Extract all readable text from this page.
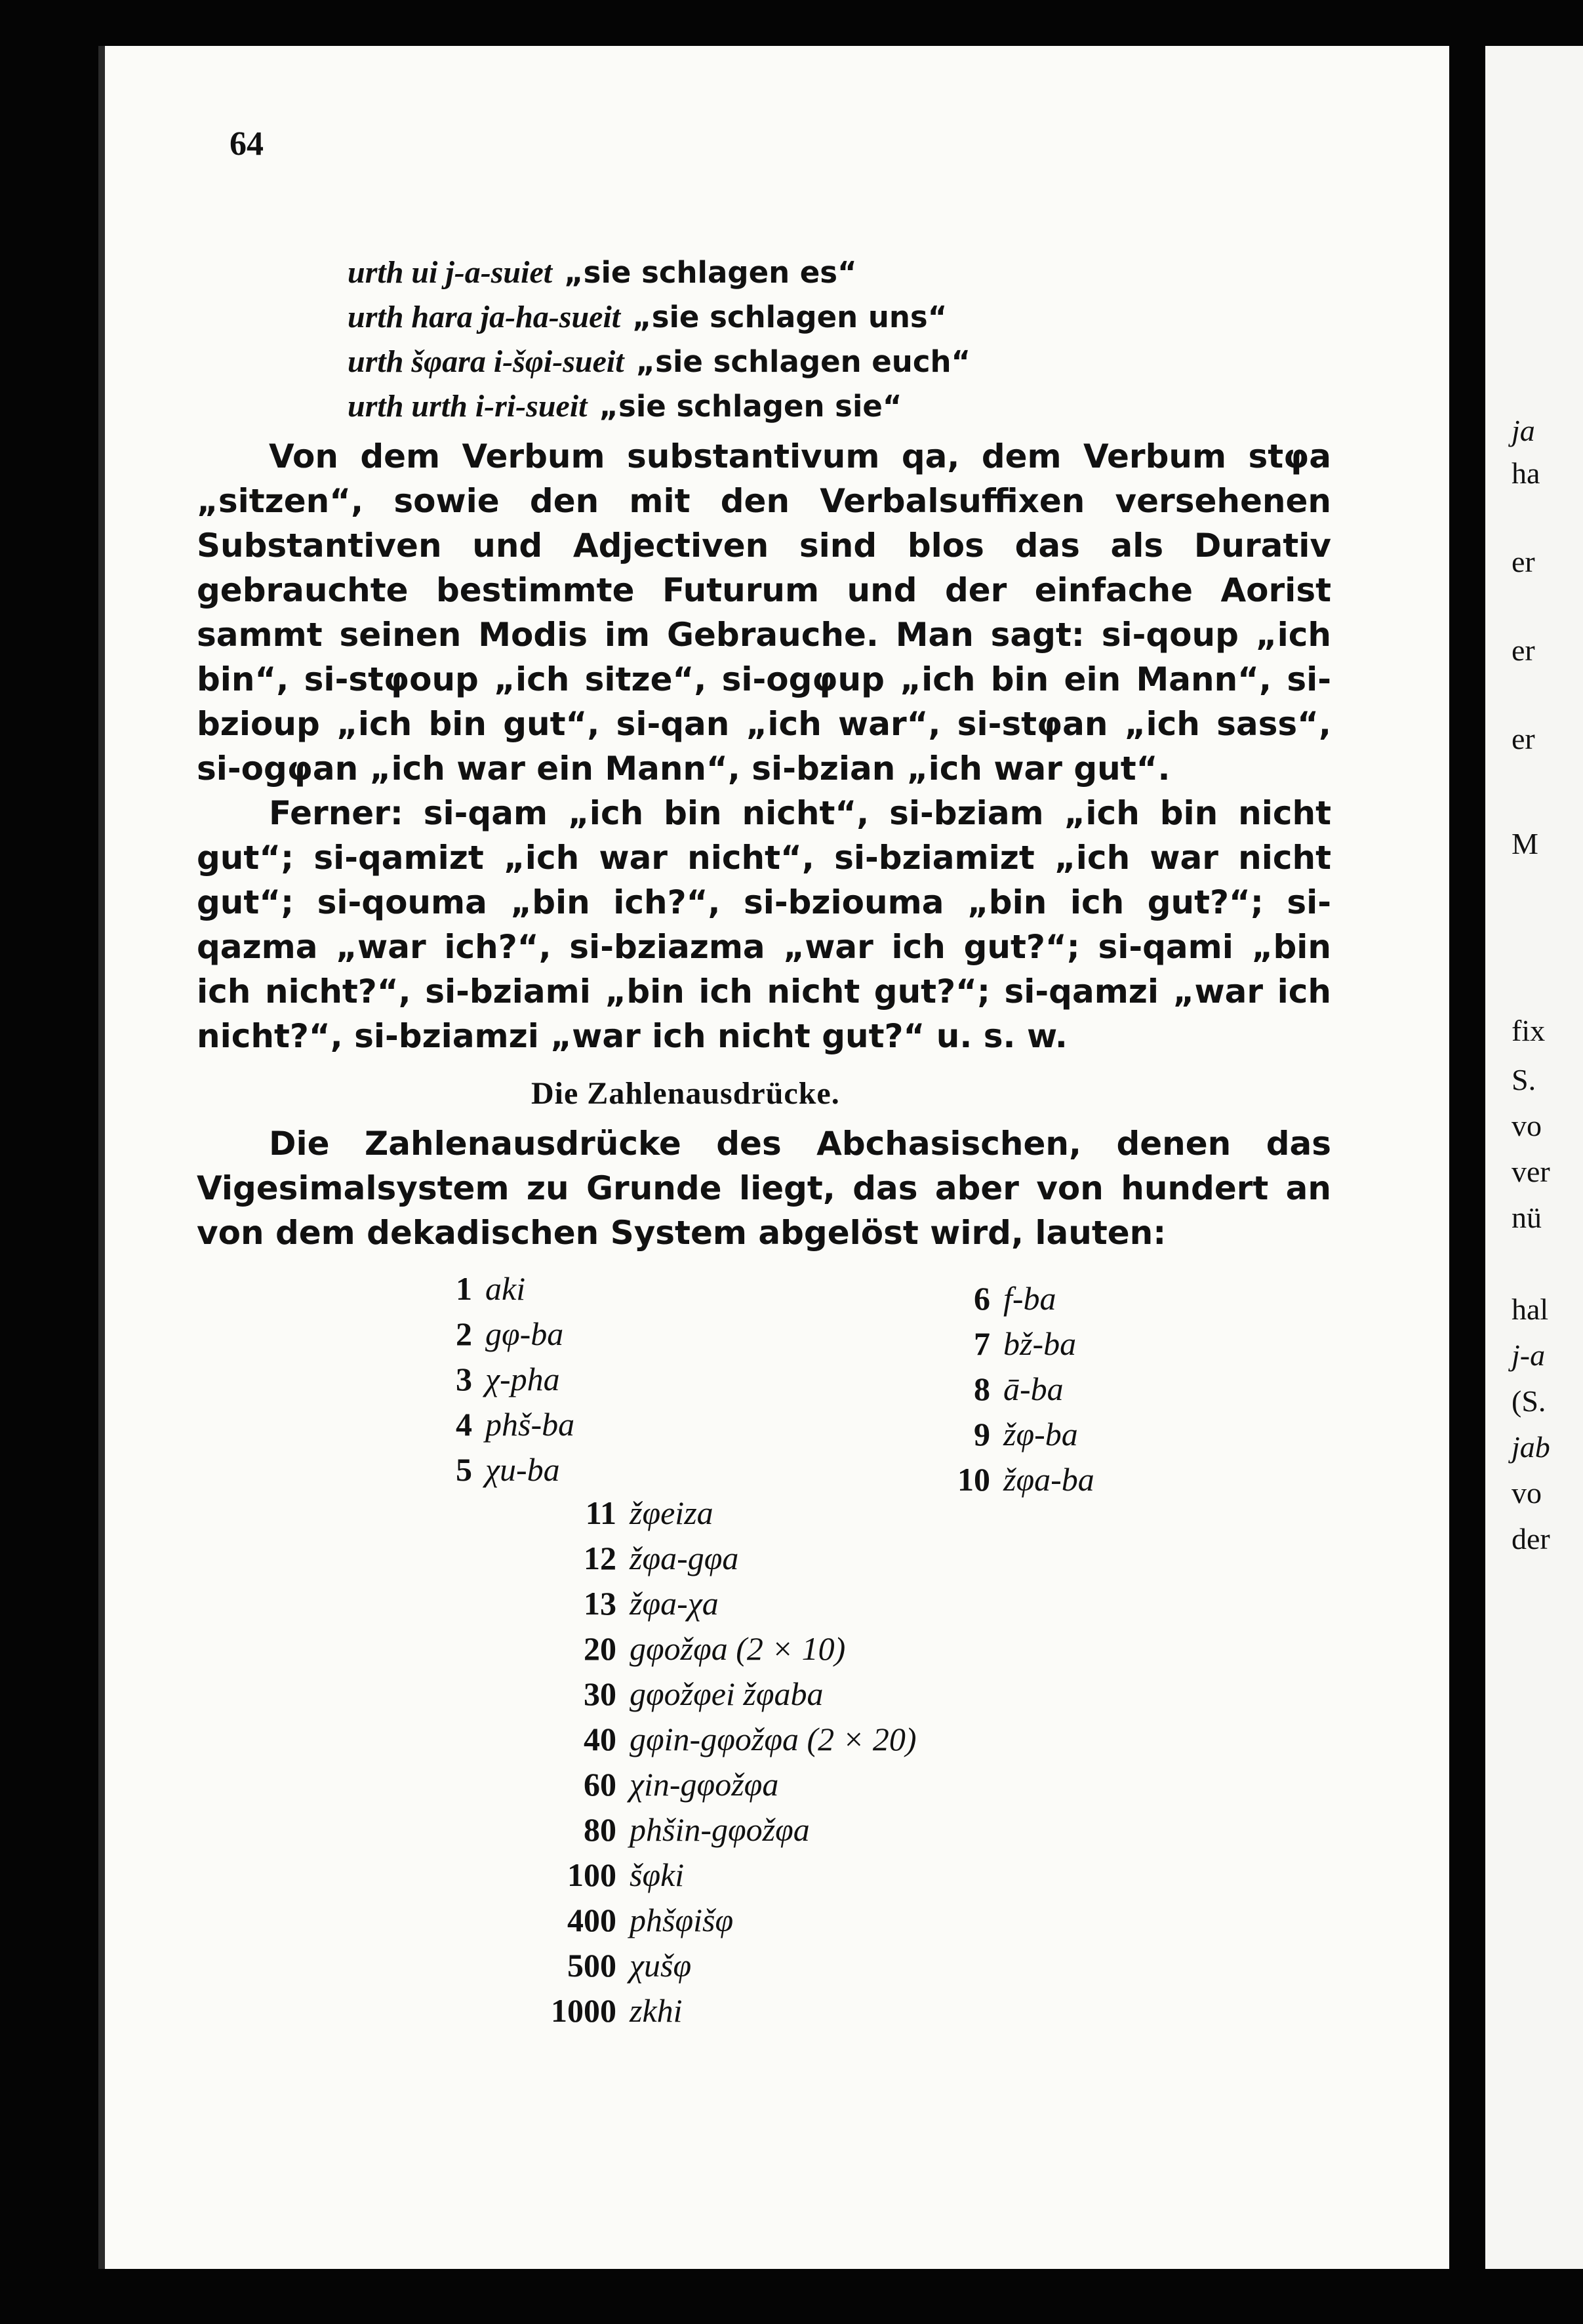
ja
ha
er
er
er
M
fix
S.
vo
ver
nü
hal
j-a
(S.
jab
vo
der
64
urth ui j-a-suiet „sie schlagen es“
urth hara ja-ha-sueit „sie schlagen uns“
urth šφara i-šφi-sueit „sie schlagen euch“
urth urth i-ri-sueit „sie schlagen sie“

Von dem Verbum substantivum qa, dem Verbum stφa „sitzen“, sowie den mit den Verbalsuffixen versehenen Substantiven und Adjectiven sind blos das als Durativ gebrauchte bestimmte Futurum und der einfache Aorist sammt seinen Modis im Gebrauche. Man sagt: si-qoup „ich bin“, si-stφoup „ich sitze“, si-ogφup „ich bin ein Mann“, si-bzioup „ich bin gut“, si-qan „ich war“, si-stφan „ich sass“, si-ogφan „ich war ein Mann“, si-bzian „ich war gut“.

Ferner: si-qam „ich bin nicht“, si-bziam „ich bin nicht gut“; si-qamizt „ich war nicht“, si-bziamizt „ich war nicht gut“; si-qouma „bin ich?“, si-bziouma „bin ich gut?“; si-qazma „war ich?“, si-bziazma „war ich gut?“; si-qami „bin ich nicht?“, si-bziami „bin ich nicht gut?“; si-qamzi „war ich nicht?“, si-bziamzi „war ich nicht gut?“ u. s. w.

Die Zahlenausdrücke.

Die Zahlenausdrücke des Abchasischen, denen das Vigesimalsystem zu Grunde liegt, das aber von hundert an von dem dekadischen System abgelöst wird, lauten:

1 aki
2 gφ-ba
3 χ-pha
4 phš-ba
5 χu-ba
6 f-ba
7 bž-ba
8 ā-ba
9 žφ-ba
10 žφa-ba
11 žφeiza
12 žφa-gφa
13 žφa-χa
20 gφožφa (2 × 10)
30 gφožφei žφaba
40 gφin-gφožφa (2 × 20)
60 χin-gφožφa
80 phšin-gφožφa
100 šφki
400 phšφišφ
500 χušφ
1000 zkhi
